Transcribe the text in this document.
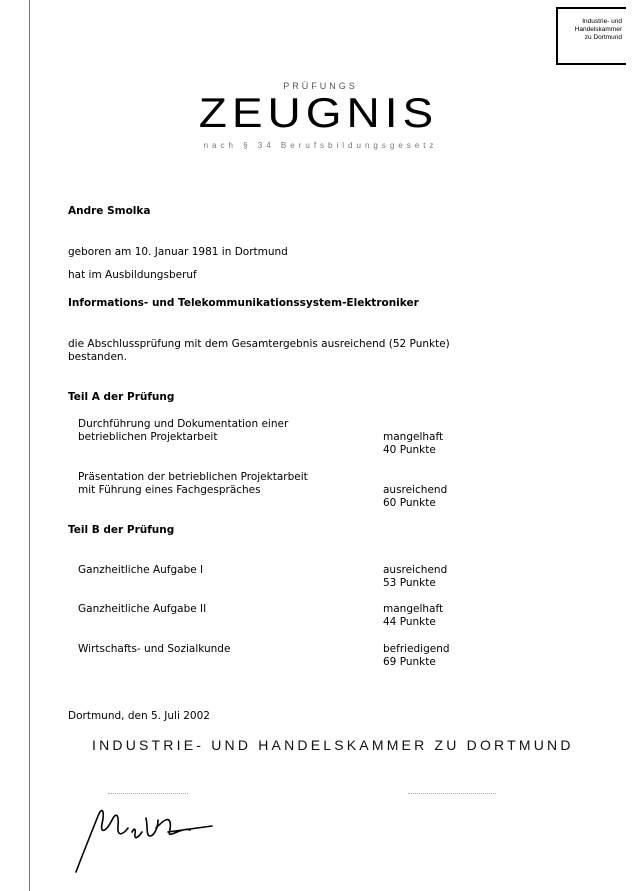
Industrie- und
Handelskammer
zu Dortmund
PRÜFUNGS
ZEUGNIS
nach § 34 Berufsbildungsgesetz
Andre Smolka
geboren am 10. Januar 1981 in Dortmund
hat im Ausbildungsberuf
Informations- und Telekommunikationssystem-Elektroniker
die Abschlussprüfung mit dem Gesamtergebnis ausreichend (52 Punkte)
bestanden.
Teil A der Prüfung
Durchführung und Dokumentation einer
betrieblichen Projektarbeit	mangelhaft
40 Punkte
Präsentation der betrieblichen Projektarbeit
mit Führung eines Fachgespräches	ausreichend
60 Punkte
Teil B der Prüfung
Ganzheitliche Aufgabe I	ausreichend
53 Punkte
Ganzheitliche Aufgabe II	mangelhaft
44 Punkte
Wirtschafts- und Sozialkunde	befriedigend
69 Punkte
Dortmund, den 5. Juli 2002
INDUSTRIE- UND HANDELSKAMMER ZU DORTMUND
